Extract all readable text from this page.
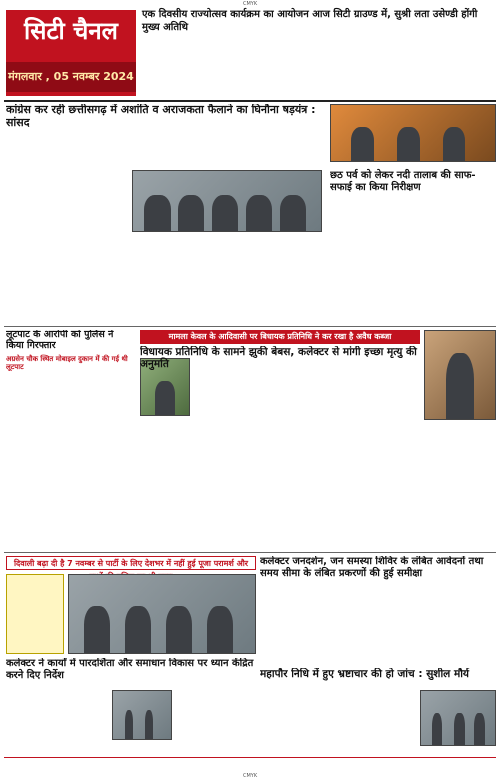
CMYK
सिटी चैनल
मंगलवार , 05 नवम्बर 2024
एक दिवसीय राज्योत्सव कार्यक्रम का आयोजन आज सिटी ग्राउण्ड में, सुश्री लता उसेण्डी होंगी मुख्य अतिथि
कांग्रेस कर रही छत्तीसगढ़ में अशांति व अराजकता फैलाने का घिनौना षड़यंत्र : सांसद
छठ पर्व को लेकर नदी तालाब की साफ-सफाई का किया निरीक्षण
लूटपाट के आरोपी को पुलिस ने किया गिरफ्तार
अग्रसेन चौक स्थित मोबाइल दुकान में की गई थी लूटपाट
मामला केवल के आदिवासी पर बिधायक प्रतिनिधि ने कर रखा है अवैध कब्जा
विधायक प्रतिनिधि के सामने झुकी बेबस, कलेक्टर से मांगी इच्छा मृत्यु की अनुमति
दिवाली बढ़ा दी है 7 नवम्बर से पार्टी के लिए देशभर में नहीं हुई पूजा परामर्श और	कलेक्टर जनदर्शन, जन समस्या शिविर के लंबित आवेदनों तथा समय सीमा के लंबित प्रकरणों की हुई समीक्षा
कलेक्टर ने कार्यों में पारदर्शिता और समाधान विकास पर ध्यान केंद्रित करने दिए निर्देश	महापौर निधि में हुए भ्रष्टाचार की हो जांच : सुशील मौर्य
CMYK
